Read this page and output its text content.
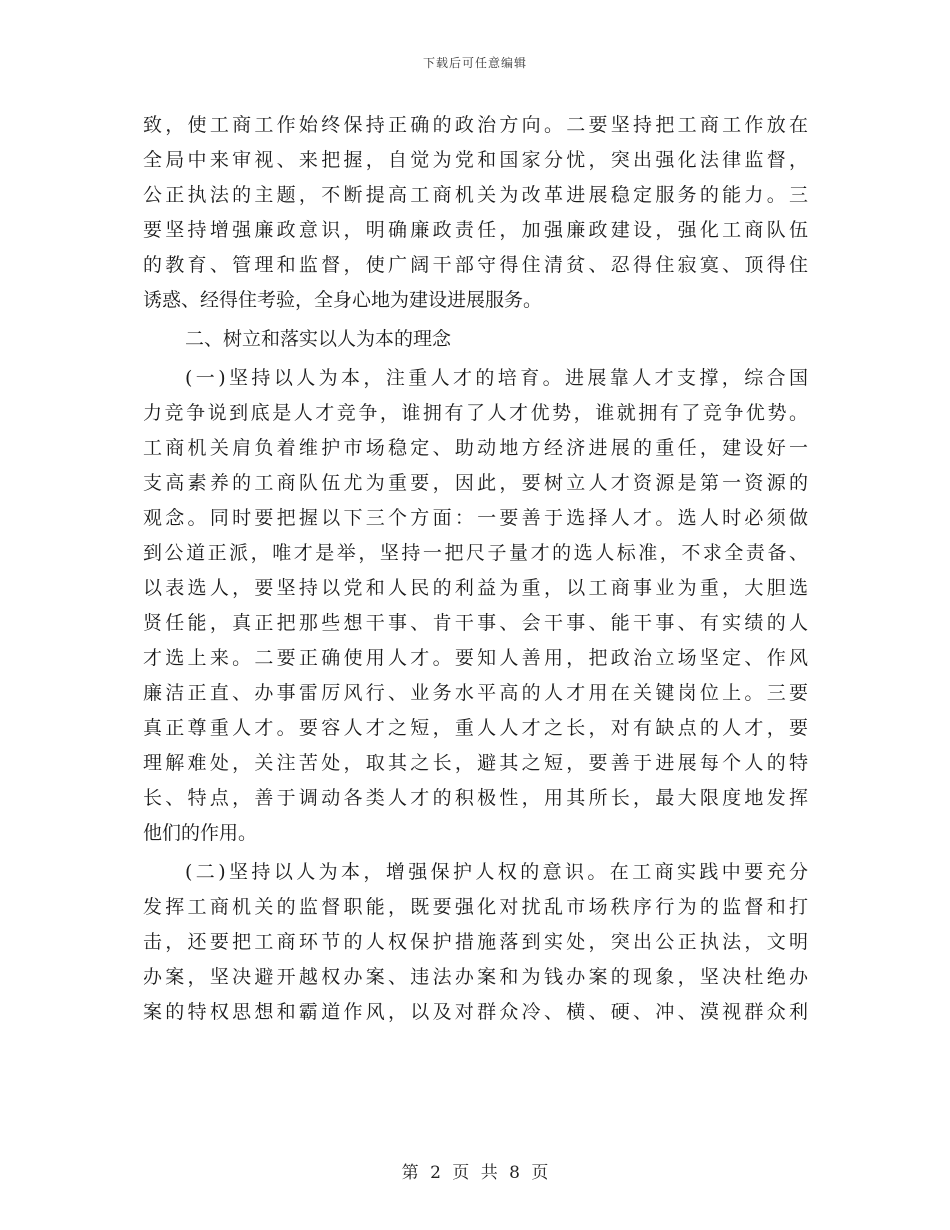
下载后可任意编辑
致，使工商工作始终保持正确的政治方向。二要坚持把工商工作放在
全局中来审视、来把握，自觉为党和国家分忧，突出强化法律监督，
公正执法的主题，不断提高工商机关为改革进展稳定服务的能力。三
要坚持增强廉政意识，明确廉政责任，加强廉政建设，强化工商队伍
的教育、管理和监督，使广阔干部守得住清贫、忍得住寂寞、顶得住
诱惑、经得住考验，全身心地为建设进展服务。
二、树立和落实以人为本的理念
(一)坚持以人为本，注重人才的培育。进展靠人才支撑，综合国
力竞争说到底是人才竞争，谁拥有了人才优势，谁就拥有了竞争优势。
工商机关肩负着维护市场稳定、助动地方经济进展的重任，建设好一
支高素养的工商队伍尤为重要，因此，要树立人才资源是第一资源的
观念。同时要把握以下三个方面：一要善于选择人才。选人时必须做
到公道正派，唯才是举，坚持一把尺子量才的选人标准，不求全责备、
以表选人，要坚持以党和人民的利益为重，以工商事业为重，大胆选
贤任能，真正把那些想干事、肯干事、会干事、能干事、有实绩的人
才选上来。二要正确使用人才。要知人善用，把政治立场坚定、作风
廉洁正直、办事雷厉风行、业务水平高的人才用在关键岗位上。三要
真正尊重人才。要容人才之短，重人人才之长，对有缺点的人才，要
理解难处，关注苦处，取其之长，避其之短，要善于进展每个人的特
长、特点，善于调动各类人才的积极性，用其所长，最大限度地发挥
他们的作用。
(二)坚持以人为本，增强保护人权的意识。在工商实践中要充分
发挥工商机关的监督职能，既要强化对扰乱市场秩序行为的监督和打
击，还要把工商环节的人权保护措施落到实处，突出公正执法，文明
办案，坚决避开越权办案、违法办案和为钱办案的现象，坚决杜绝办
案的特权思想和霸道作风，以及对群众冷、横、硬、冲、漠视群众利
第 2 页 共 8 页
